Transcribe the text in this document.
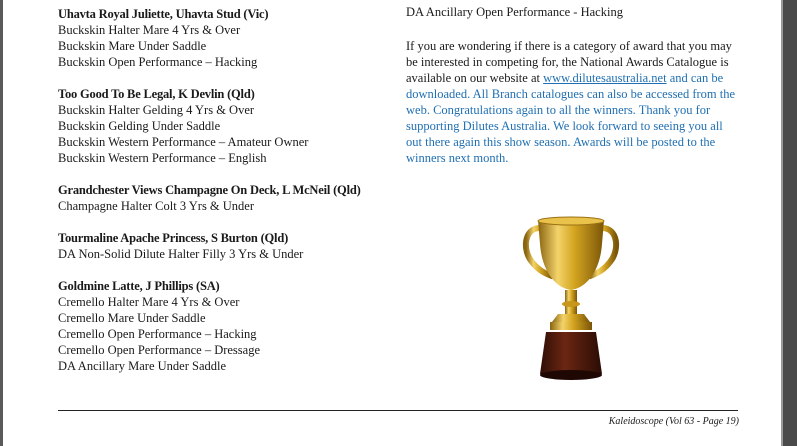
Uhavta Royal Juliette, Uhavta Stud (Vic)
Buckskin Halter Mare 4 Yrs & Over
Buckskin Mare Under Saddle
Buckskin Open Performance – Hacking
Too Good To Be Legal, K Devlin (Qld)
Buckskin Halter Gelding 4 Yrs & Over
Buckskin Gelding Under Saddle
Buckskin Western Performance – Amateur Owner
Buckskin Western Performance – English
Grandchester Views Champagne On Deck, L McNeil (Qld)
Champagne Halter Colt 3 Yrs & Under
Tourmaline Apache Princess, S Burton (Qld)
DA Non-Solid Dilute Halter Filly 3 Yrs & Under
Goldmine Latte, J Phillips (SA)
Cremello Halter Mare 4 Yrs & Over
Cremello Mare Under Saddle
Cremello Open Performance – Hacking
Cremello Open Performance – Dressage
DA Ancillary Mare Under Saddle
DA Ancillary Open Performance - Hacking
If you are wondering if there is a category of award that you may be interested in competing for, the National Awards Catalogue is available on our website at www.dilutesaustralia.net and can be downloaded. All Branch catalogues can also be accessed from the web. Congratulations again to all the winners. Thank you for supporting Dilutes Australia. We look forward to seeing you all out there again this show season. Awards will be posted to the winners next month.
Kaleidoscope (Vol 63 - Page 19)
